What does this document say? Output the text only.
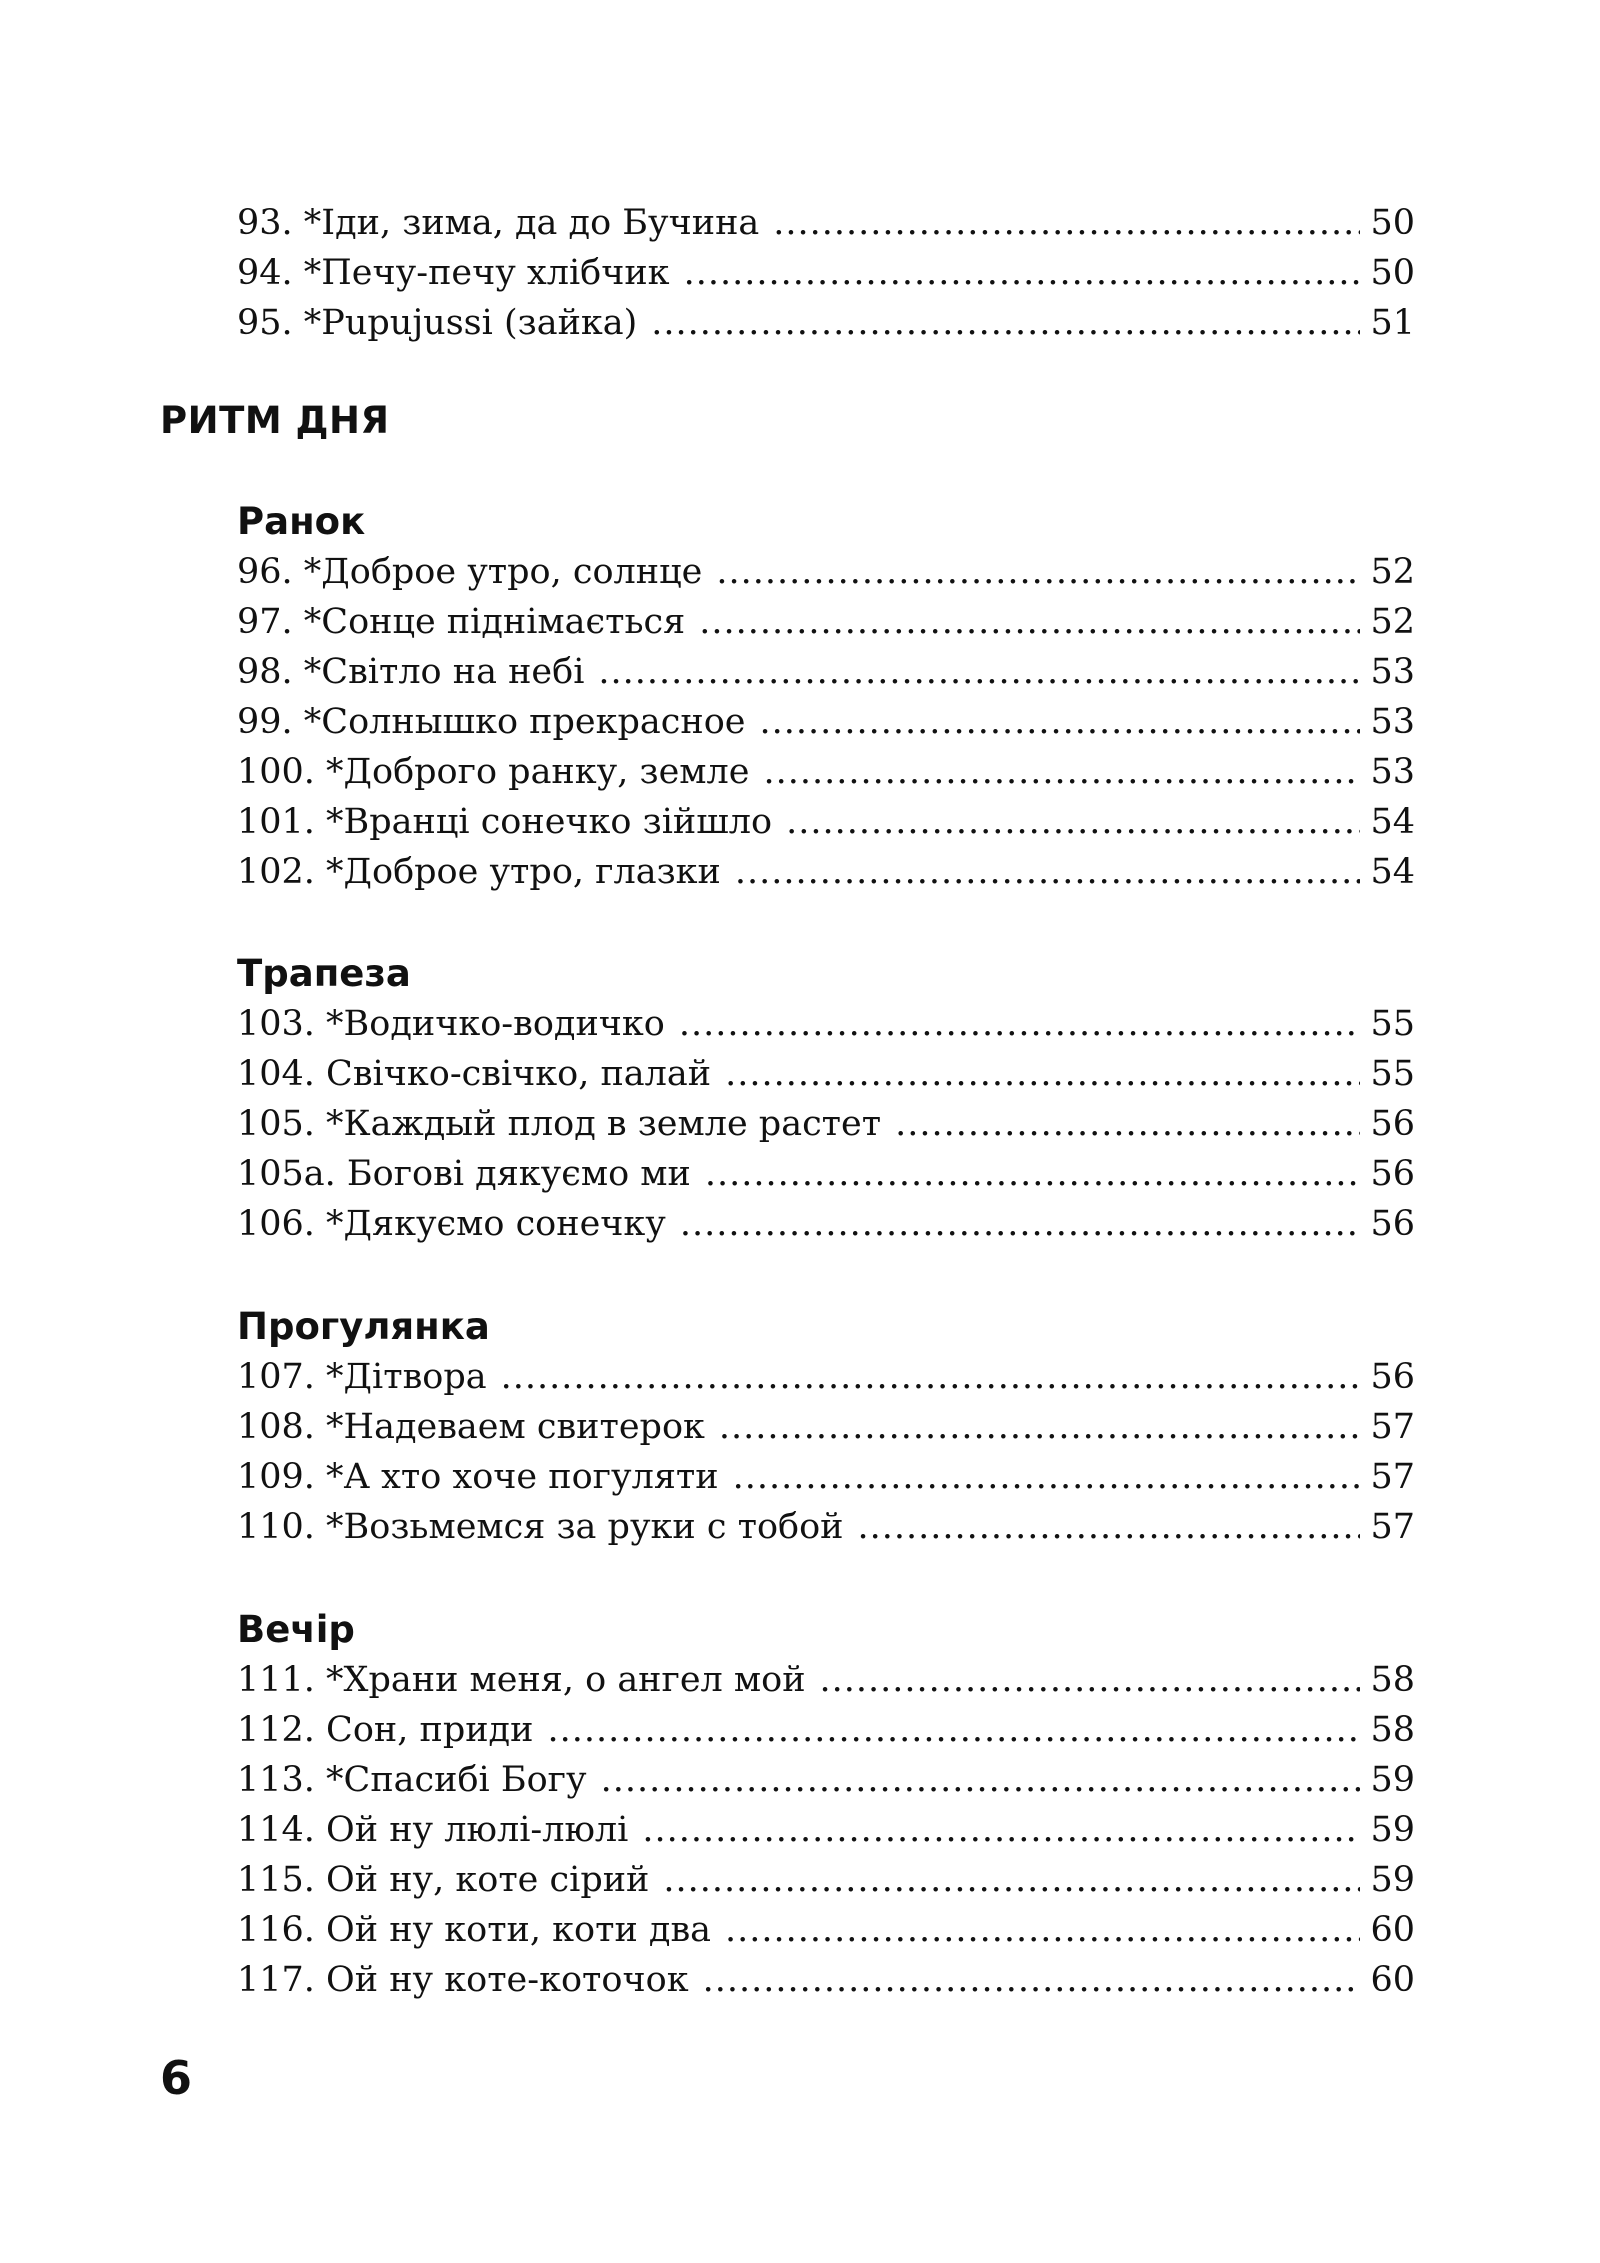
93. *Іди, зима, да до Бучина .....	50
94. *Печу-печу хлібчик .....	50
95. *Pupujussi (зайка) .....	51
РИТМ ДНЯ
Ранок
96. *Доброе утро, солнце .....	52
97. *Сонце піднімається .....	52
98. *Світло на небі .....	53
99. *Солнышко прекрасное .....	53
100. *Доброго ранку, земле .....	53
101. *Вранці сонечко зійшло .....	54
102. *Доброе утро, глазки .....	54
Трапеза
103. *Водичко-водичко .....	55
104. Свічко-свічко, палай .....	55
105. *Каждый плод в земле растет .....	56
105а. Богові дякуємо ми .....	56
106. *Дякуємо сонечку .....	56
Прогулянка
107. *Дітвора .....	56
108. *Надеваем свитерок .....	57
109. *А хто хоче погуляти .....	57
110. *Возьмемся за руки с тобой .....	57
Вечір
111. *Храни меня, о ангел мой .....	58
112. Сон, приди .....	58
113. *Спасибі Богу .....	59
114. Ой ну люлі-люлі .....	59
115. Ой ну, коте сірий .....	59
116. Ой ну коти, коти два .....	60
117. Ой ну коте-коточок .....	60
6
